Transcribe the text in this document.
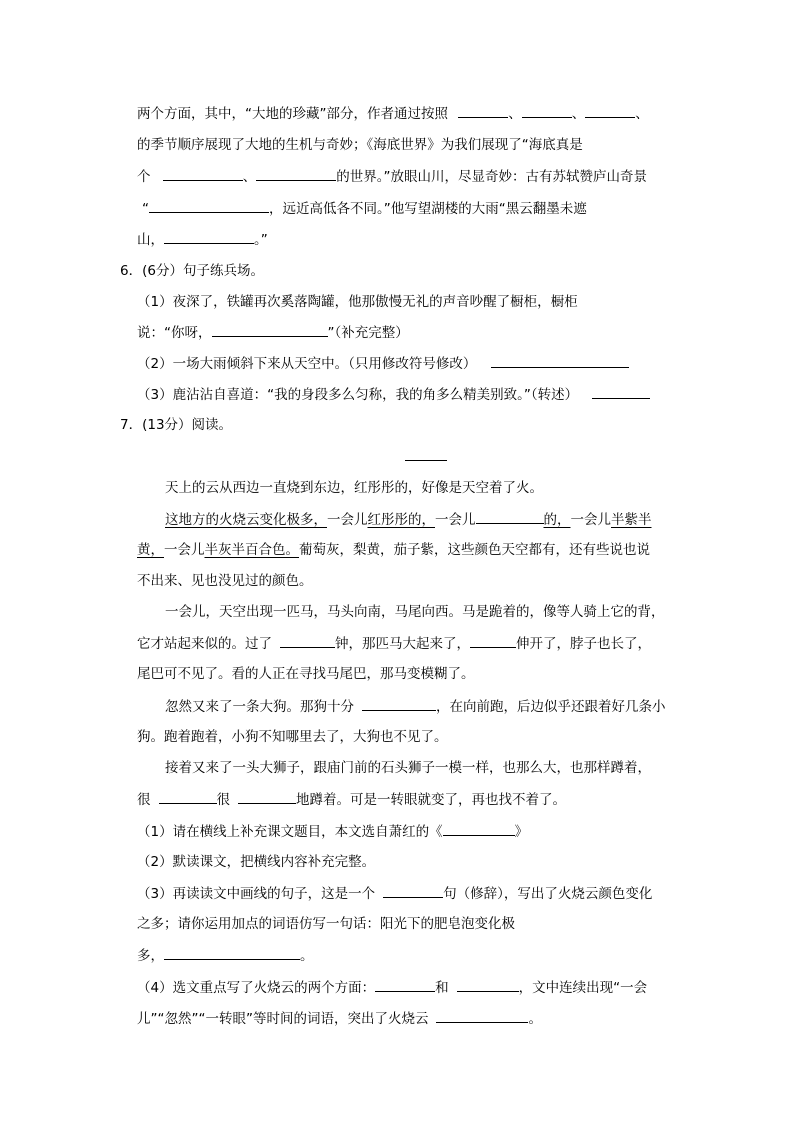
两个方面，其中，“大地的珍藏”部分，作者通过按照	、	、	、
的季节顺序展现了大地的生机与奇妙；《海底世界》为我们展现了“海底真是
个	、	的世界。”放眼山川，尽显奇妙：古有苏轼赞庐山奇景
“	，远近高低各不同。”他写望湖楼的大雨“黑云翻墨未遮
山，	。”
6．(6分）句子练兵场。
（1）夜深了，铁罐再次奚落陶罐，他那傲慢无礼的声音吵醒了橱柜，橱柜
说：“你呀，	”（补充完整）
（2）一场大雨倾斜下来从天空中。（只用修改符号修改）
（3）鹿沾沾自喜道：“我的身段多么匀称，我的角多么精美别致。”（转述）
7．(13分）阅读。
天上的云从西边一直烧到东边，红彤彤的，好像是天空着了火。
这地方的火烧云变化极多，一会儿红彤彤的，一会儿	的，一会儿半紫半
黄，一会儿半灰半百合色。葡萄灰，梨黄，茄子紫，这些颜色天空都有，还有些说也说
不出来、见也没见过的颜色。
一会儿，天空出现一匹马，马头向南，马尾向西。马是跪着的，像等人骑上它的背，
它才站起来似的。过了	钟，那匹马大起来了，	伸开了，脖子也长了，
尾巴可不见了。看的人正在寻找马尾巴，那马变模糊了。
忽然又来了一条大狗。那狗十分	，在向前跑，后边似乎还跟着好几条小
狗。跑着跑着，小狗不知哪里去了，大狗也不见了。
接着又来了一头大狮子，跟庙门前的石头狮子一模一样，也那么大，也那样蹲着，
很	很	地蹲着。可是一转眼就变了，再也找不着了。
（1）请在横线上补充课文题目，本文选自萧红的《	》
（2）默读课文，把横线内容补充完整。
（3）再读读文中画线的句子，这是一个	句（修辞），写出了火烧云颜色变化
之多；请你运用加点的词语仿写一句话：阳光下的肥皂泡变化极
多，	。
（4）选文重点写了火烧云的两个方面：	和	，文中连续出现“一会
儿”“忽然”“一转眼”等时间的词语，突出了火烧云	。
